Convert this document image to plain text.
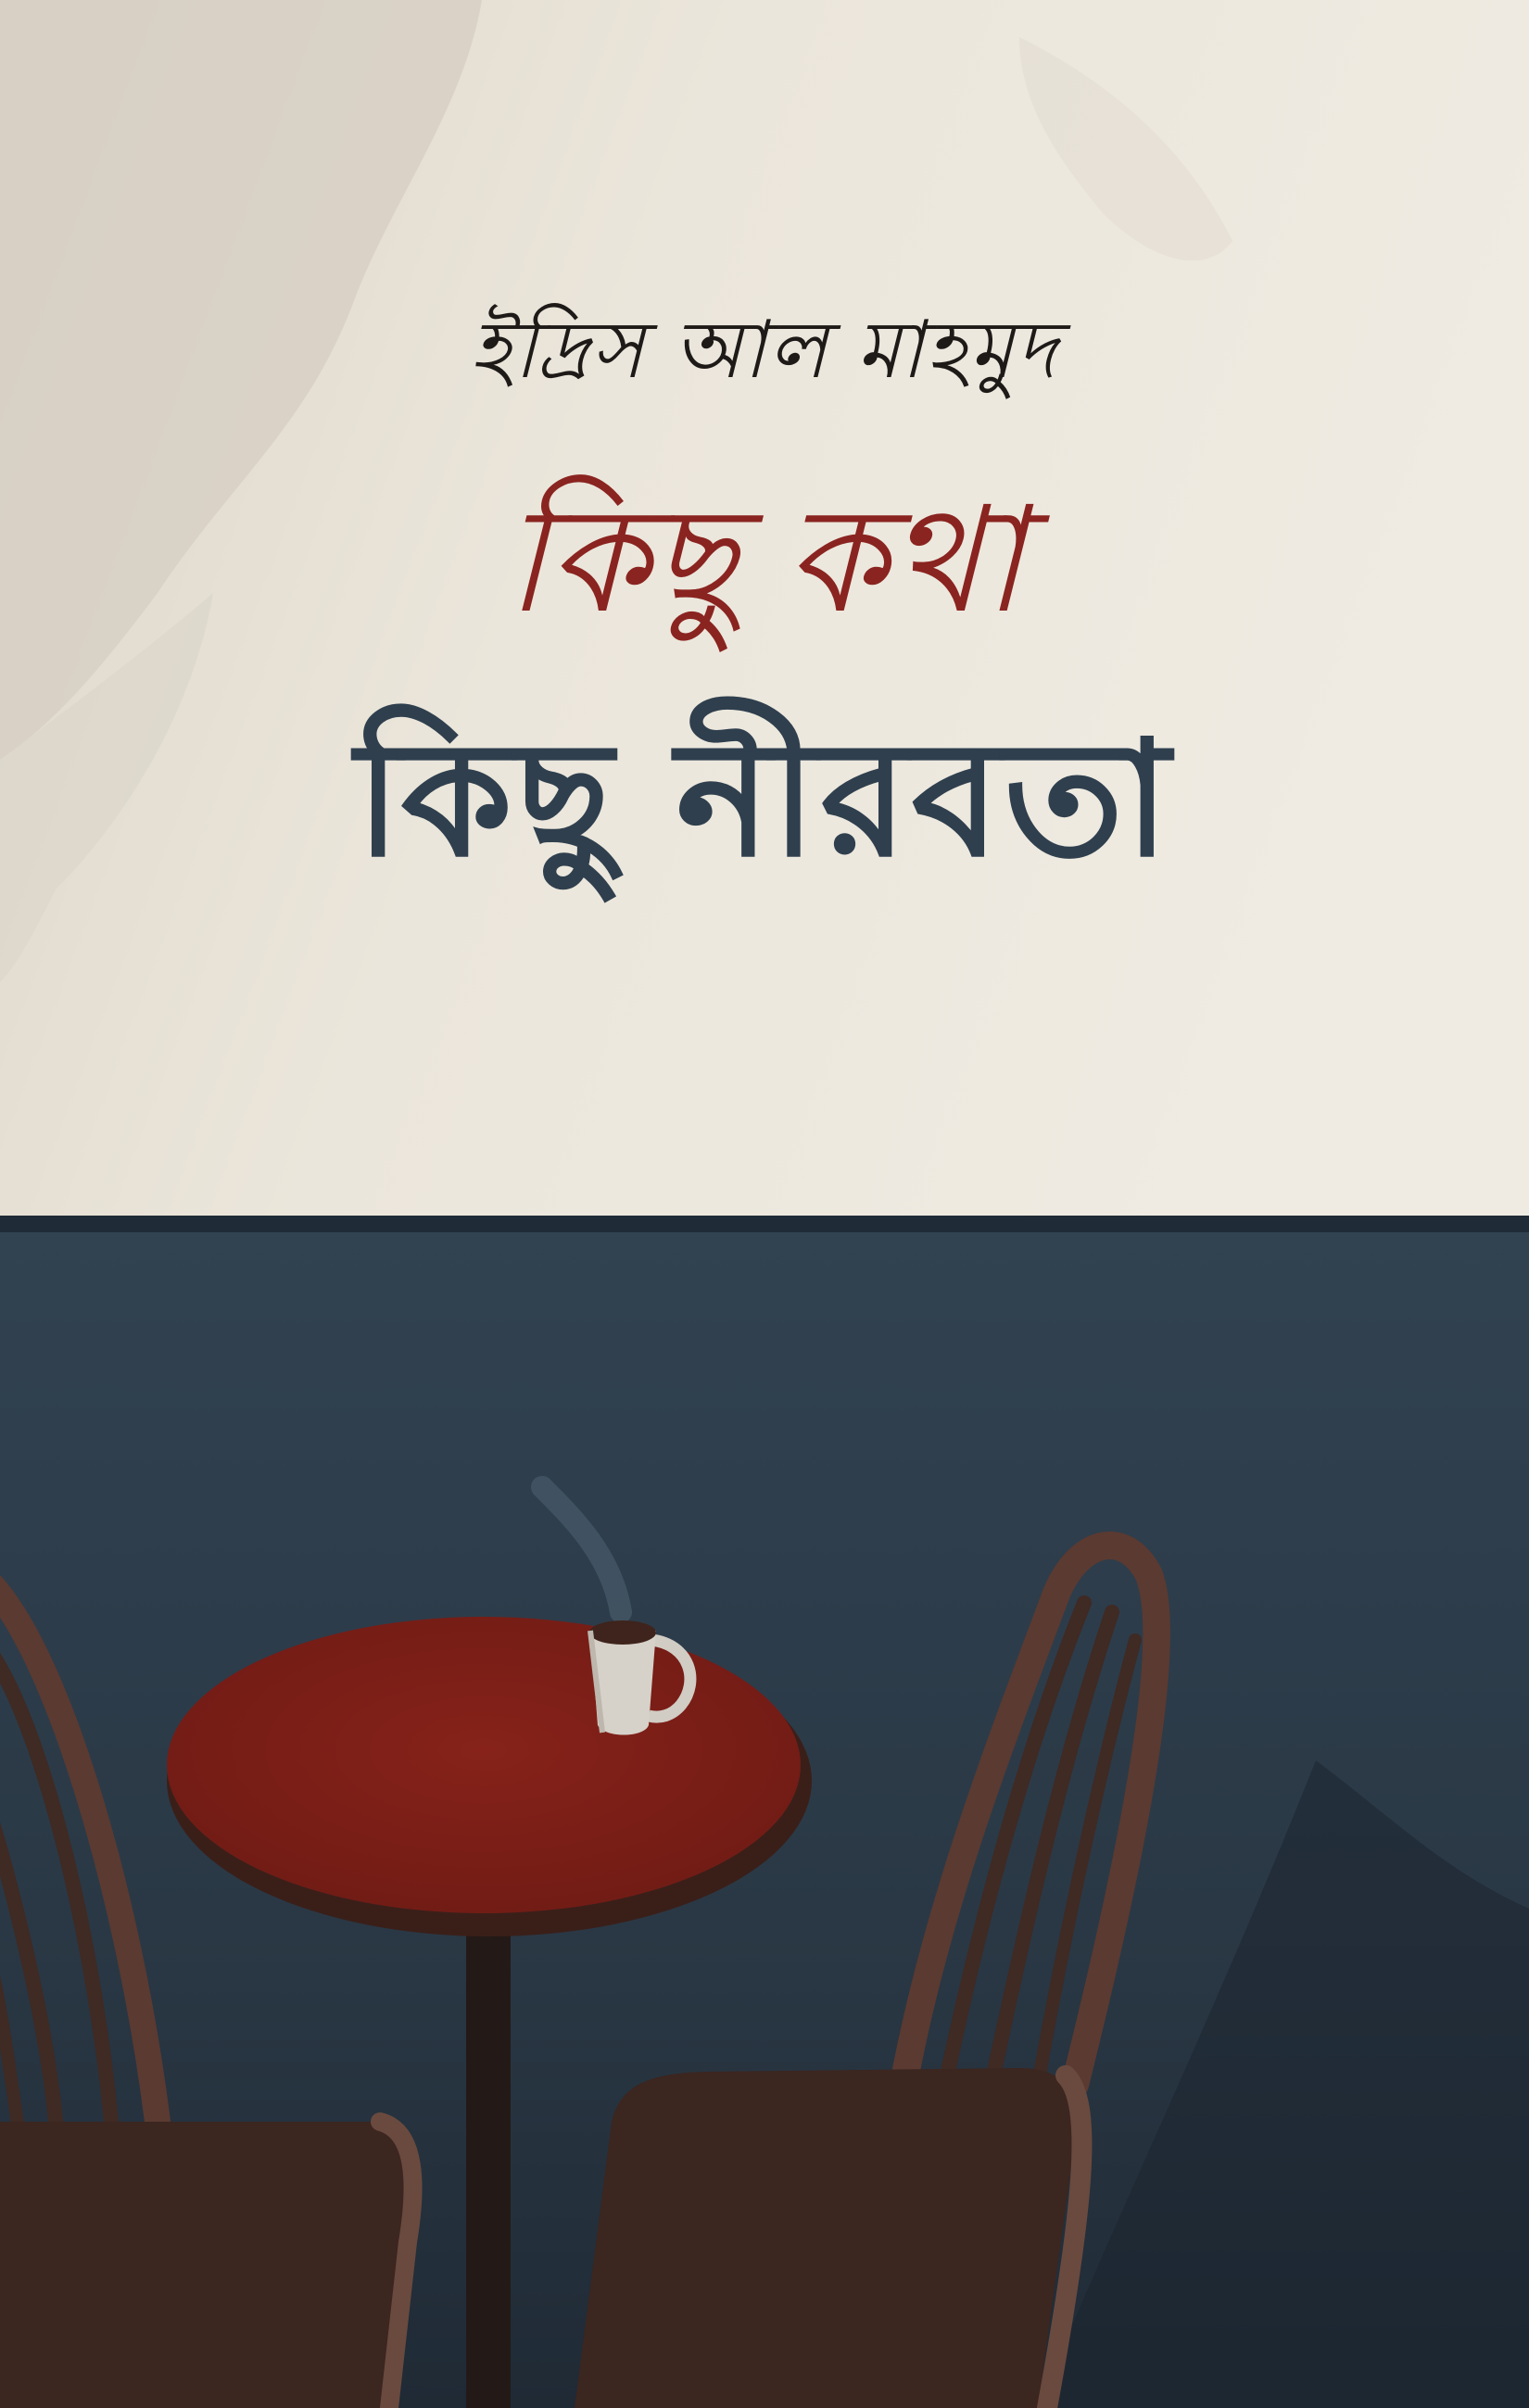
ইদ্রিস আল মাহমুদ
কিছু কথা
কিছু নীরবতা
